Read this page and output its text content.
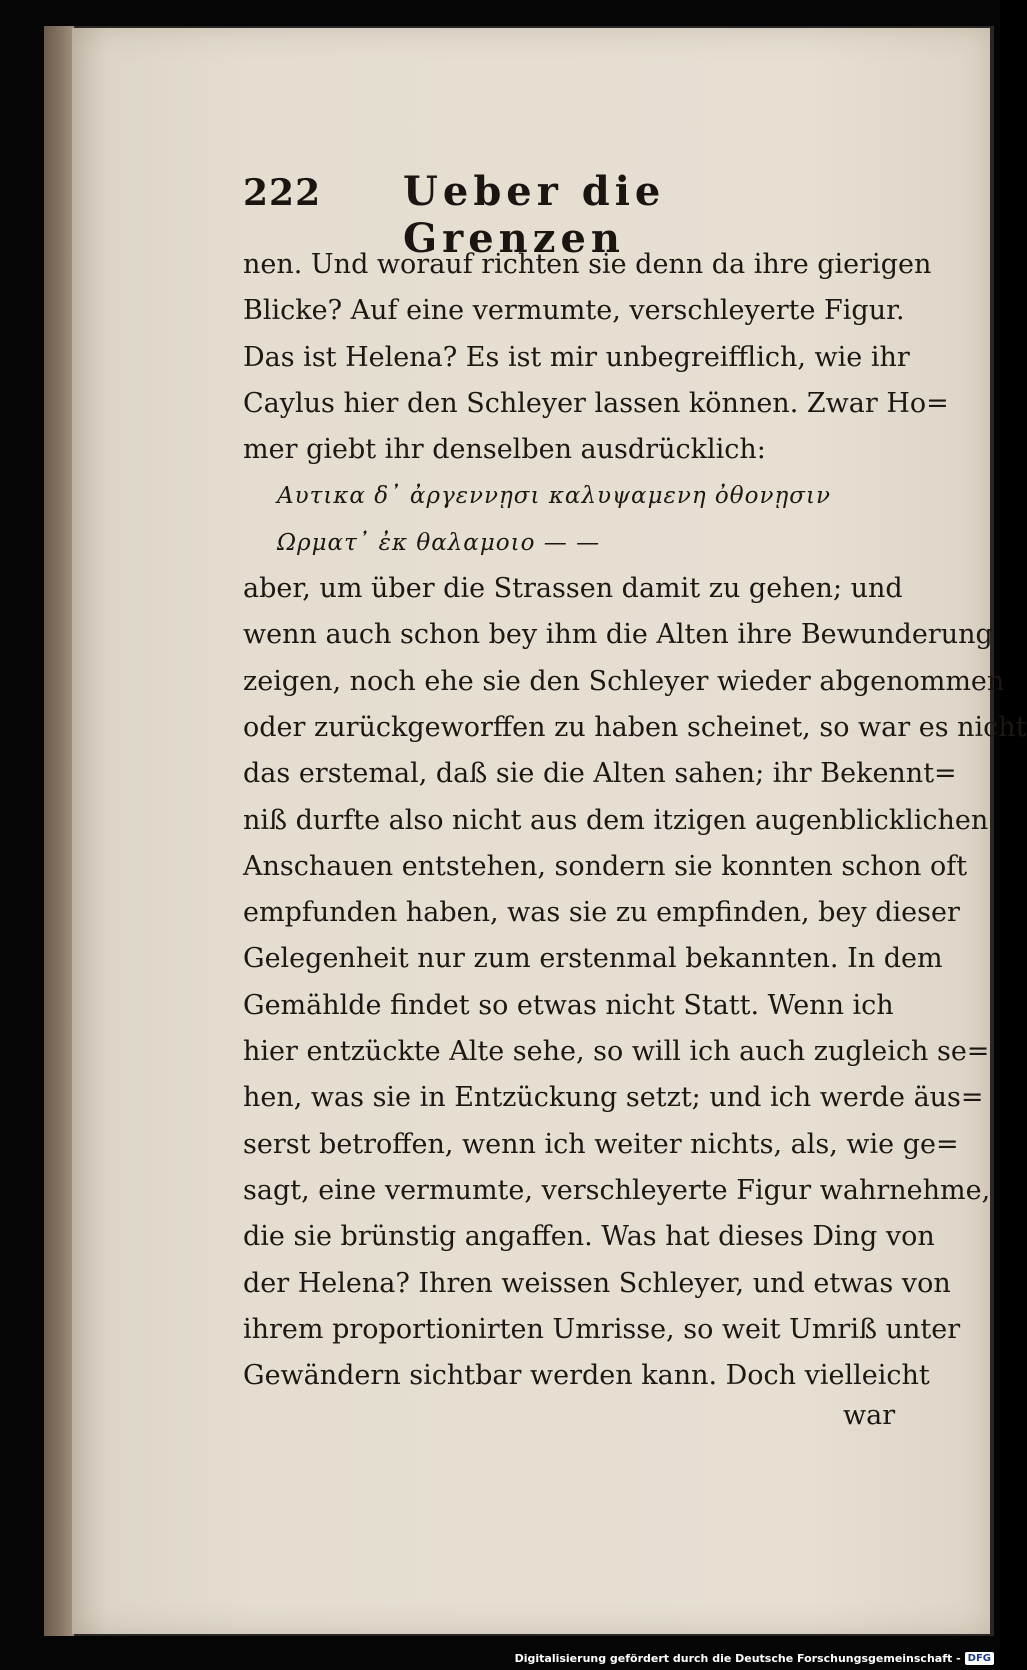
222 Ueber die Grenzen
nen. Und worauf richten sie denn da ihre gierigen
Blicke? Auf eine vermumte, verschleyerte Figur.
Das ist Helena? Es ist mir unbegreifflich, wie ihr
Caylus hier den Schleyer lassen können. Zwar Ho=
mer giebt ihr denselben ausdrücklich:
Αυτικα δ᾽ ἀργεννῃσι καλυψαμενη ὀθονῃσιν
Ωρματ᾽ ἐκ θαλαμοιο — —
aber, um über die Strassen damit zu gehen; und
wenn auch schon bey ihm die Alten ihre Bewunderung
zeigen, noch ehe sie den Schleyer wieder abgenommen
oder zurückgeworffen zu haben scheinet, so war es nicht
das erstemal, daß sie die Alten sahen; ihr Bekennt=
niß durfte also nicht aus dem itzigen augenblicklichen
Anschauen entstehen, sondern sie konnten schon oft
empfunden haben, was sie zu empfinden, bey dieser
Gelegenheit nur zum erstenmal bekannten. In dem
Gemählde findet so etwas nicht Statt. Wenn ich
hier entzückte Alte sehe, so will ich auch zugleich se=
hen, was sie in Entzückung setzt; und ich werde äus=
serst betroffen, wenn ich weiter nichts, als, wie ge=
sagt, eine vermumte, verschleyerte Figur wahrnehme,
die sie brünstig angaffen. Was hat dieses Ding von
der Helena? Ihren weissen Schleyer, und etwas von
ihrem proportionirten Umrisse, so weit Umriß unter
Gewändern sichtbar werden kann. Doch vielleicht
war
Digitalisierung gefördert durch die Deutsche Forschungsgemeinschaft - DFG
